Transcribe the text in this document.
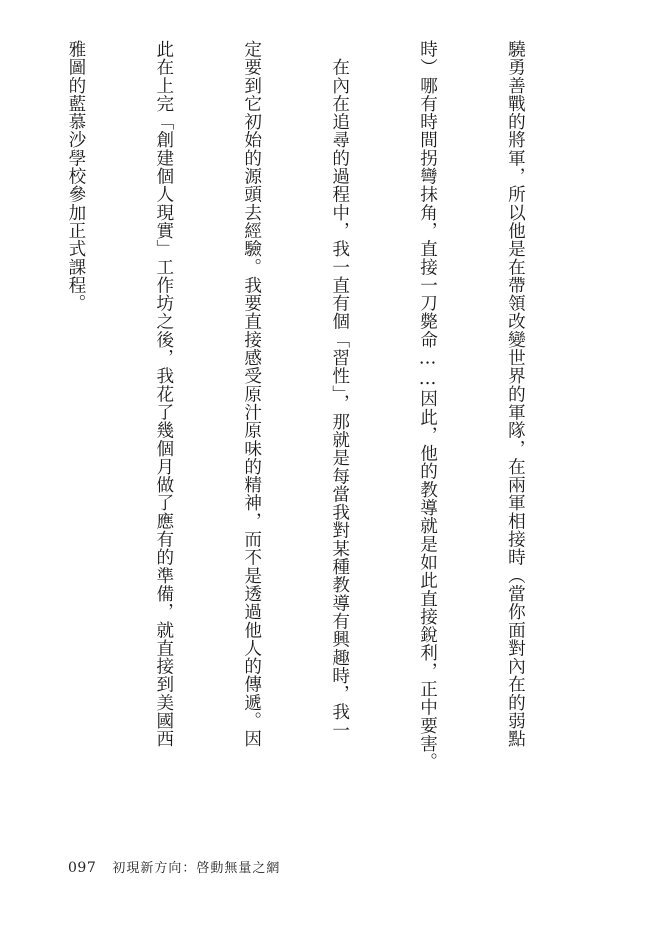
驍勇善戰的將軍，所以他是在帶領改變世界的軍隊，在兩軍相接時（當你面對內在的弱點

時）哪有時間拐彎抹角，直接一刀斃命……因此，他的教導就是如此直接銳利，正中要害。

　在內在追尋的過程中，我一直有個「習性」，那就是每當我對某種教導有興趣時，我一

定要到它初始的源頭去經驗。我要直接感受原汁原味的精神，而不是透過他人的傳遞。因

此在上完「創建個人現實」工作坊之後，我花了幾個月做了應有的準備，就直接到美國西

雅圖的藍慕沙學校參加正式課程。

097 初現新方向：啓動無量之網
